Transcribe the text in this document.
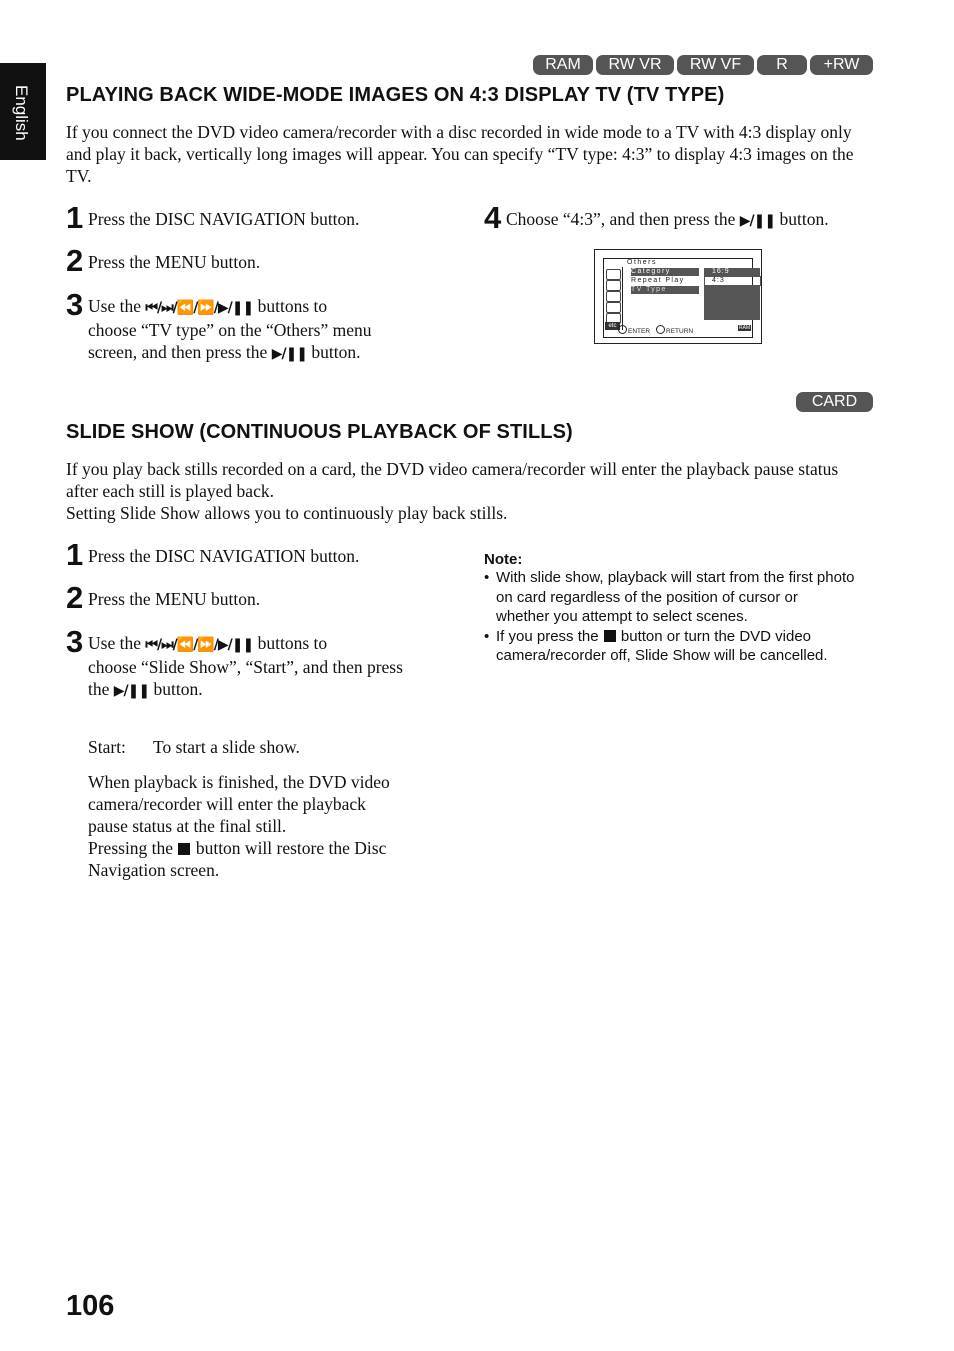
English
RAM	RW VR	RW VF	R	+RW
PLAYING BACK WIDE-MODE IMAGES ON 4:3 DISPLAY TV (TV TYPE)
If you connect the DVD video camera/recorder with a disc recorded in wide mode to a TV with 4:3 display only and play it back, vertically long images will appear. You can specify “TV type: 4:3” to display 4:3 images on the TV.
1 Press the DISC NAVIGATION button.
2 Press the MENU button.
3 Use the ⏮/⏭/⏪/⏩/▶/❚❚ buttons to
choose “TV type” on the “Others” menu
screen, and then press the ▶/❚❚ button.
4 Choose “4:3”, and then press the ▶/❚❚ button.
etc
Others
Category
Repeat Play
TV Type
16:9
4:3
ENTER	RETURN	RAM
CARD
SLIDE SHOW (CONTINUOUS PLAYBACK OF STILLS)
If you play back stills recorded on a card, the DVD video camera/recorder will enter the playback pause status after each still is played back.
Setting Slide Show allows you to continuously play back stills.
1 Press the DISC NAVIGATION button.
2 Press the MENU button.
3 Use the ⏮/⏭/⏪/⏩/▶/❚❚ buttons to
choose “Slide Show”, “Start”, and then press
the ▶/❚❚ button.
Start: To start a slide show.
When playback is finished, the DVD video
camera/recorder will enter the playback
pause status at the final still.
Pressing the button will restore the Disc
Navigation screen.
Note:
• With slide show, playback will start from the first photo
on card regardless of the position of cursor or
whether you attempt to select scenes.
• If you press the button or turn the DVD video
camera/recorder off, Slide Show will be cancelled.
106
